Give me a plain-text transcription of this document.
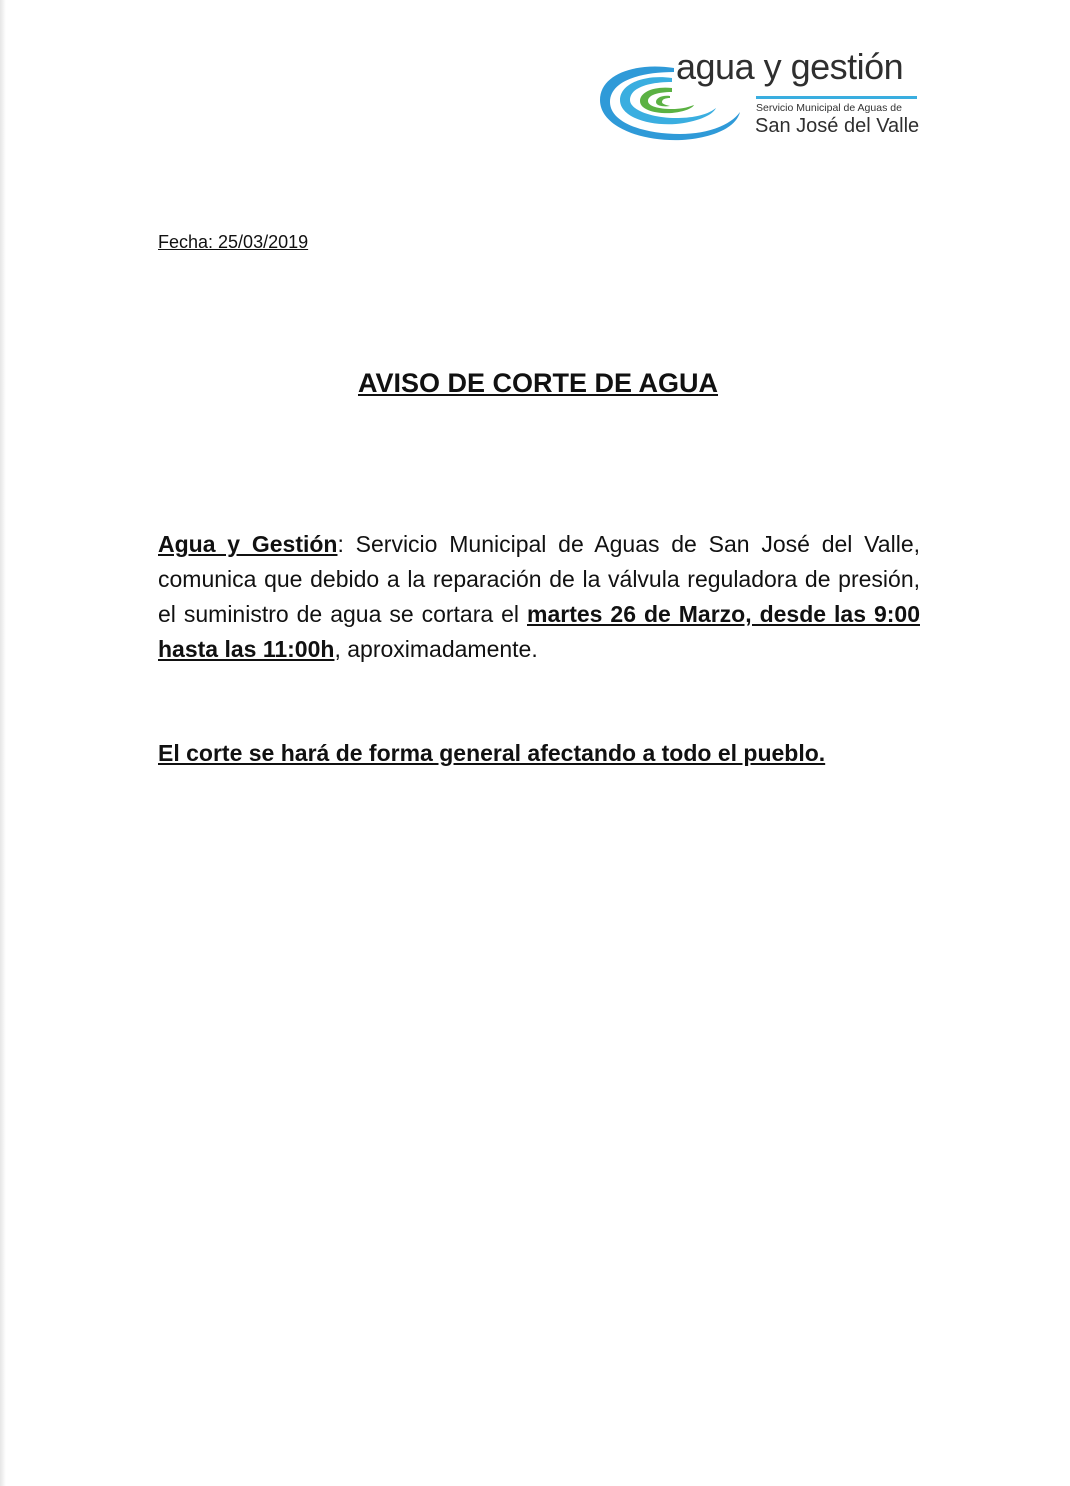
agua y gestión
Servicio Municipal de Aguas de
San José del Valle
Fecha: 25/03/2019
AVISO DE CORTE DE AGUA

Agua y Gestión: Servicio Municipal de Aguas de San José del Valle, comunica que debido a la reparación de la válvula reguladora de presión, el suministro de agua se cortara el martes 26 de Marzo, desde las 9:00 hasta las 11:00h, aproximadamente.

El corte se hará de forma general afectando a todo el pueblo.
